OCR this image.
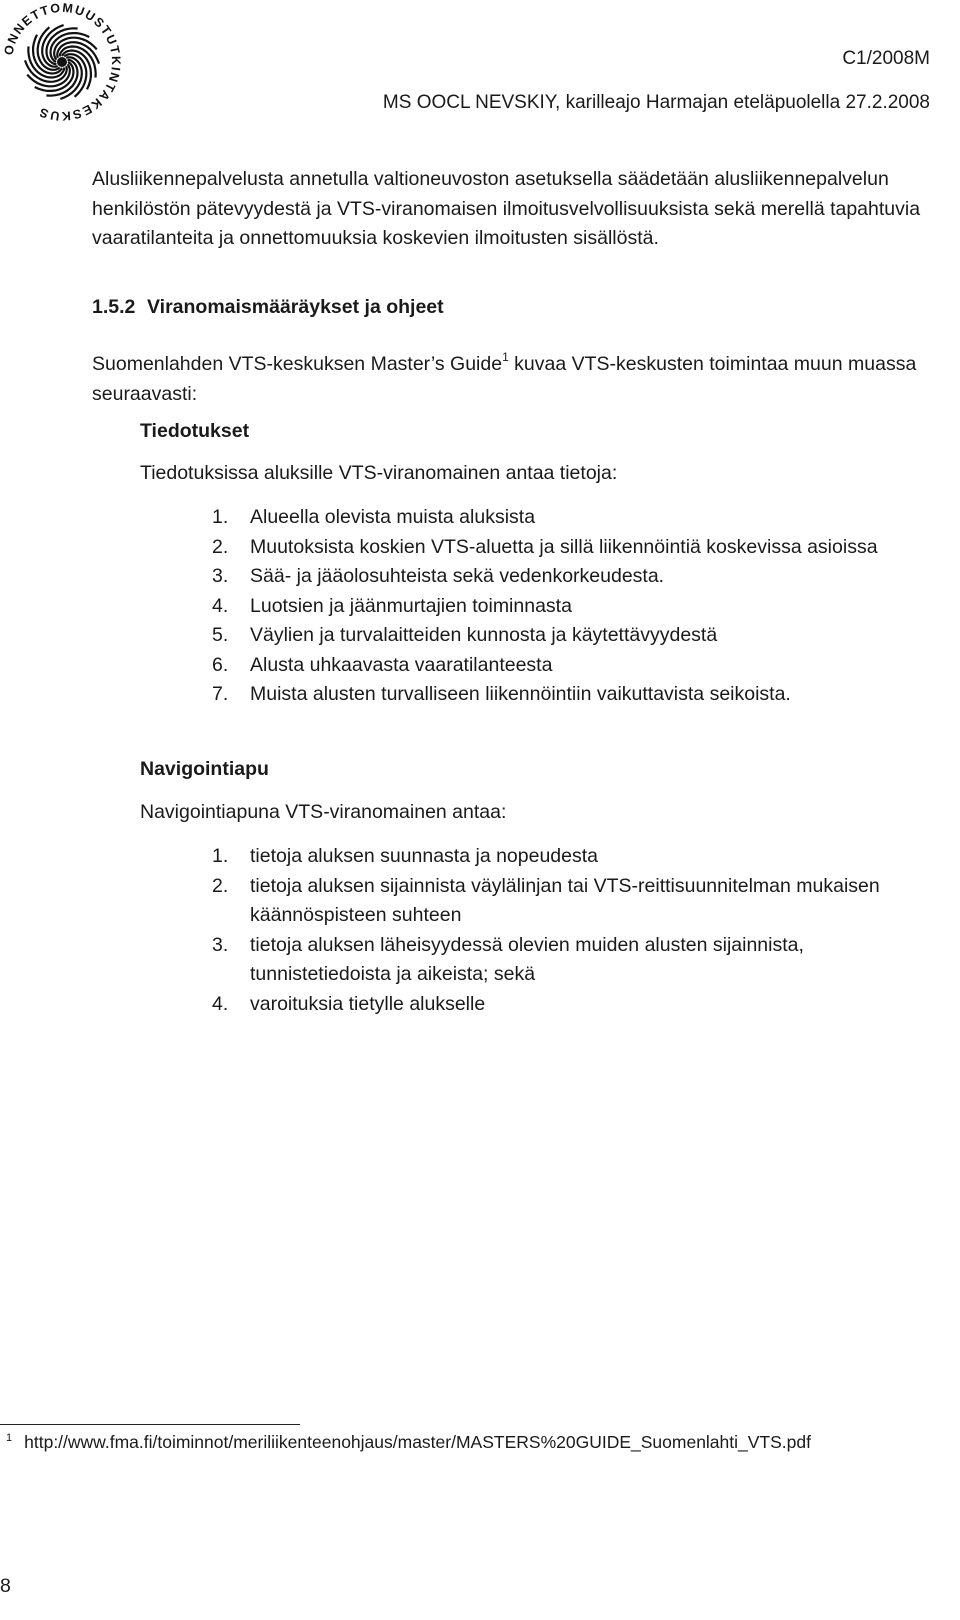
ONNETTOMUUSTUTKINTAKESKUS
C1/2008M
MS OOCL NEVSKIY, karilleajo Harmajan eteläpuolella 27.2.2008
Alusliikennepalvelusta annetulla valtioneuvoston asetuksella säädetään alusliikennepalvelun henkilöstön pätevyydestä ja VTS-viranomaisen ilmoitusvelvollisuuksista sekä merellä tapahtuvia vaaratilanteita ja onnettomuuksia koskevien ilmoitusten sisällöstä.
1.5.2 Viranomaismääräykset ja ohjeet
Suomenlahden VTS-keskuksen Master’s Guide$^1$ kuvaa VTS-keskusten toimintaa muun muassa seuraavasti:
Tiedotukset
Tiedotuksissa aluksille VTS-viranomainen antaa tietoja:
1. Alueella olevista muista aluksista
2. Muutoksista koskien VTS-aluetta ja sillä liikennöintiä koskevissa asioissa
3. Sää- ja jääolosuhteista sekä vedenkorkeudesta.
4. Luotsien ja jäänmurtajien toiminnasta
5. Väylien ja turvalaitteiden kunnosta ja käytettävyydestä
6. Alusta uhkaavasta vaaratilanteesta
7. Muista alusten turvalliseen liikennöintiin vaikuttavista seikoista.
Navigointiapu
Navigointiapuna VTS-viranomainen antaa:
1. tietoja aluksen suunnasta ja nopeudesta
2. tietoja aluksen sijainnista väylälinjan tai VTS-reittisuunnitelman mukaisen käännöspisteen suhteen
3. tietoja aluksen läheisyydessä olevien muiden alusten sijainnista, tunnistetiedoista ja aikeista; sekä
4. varoituksia tietylle alukselle
$^1$ http://www.fma.fi/toiminnot/meriliikenteenohjaus/master/MASTERS%20GUIDE_Suomenlahti_VTS.pdf
8
